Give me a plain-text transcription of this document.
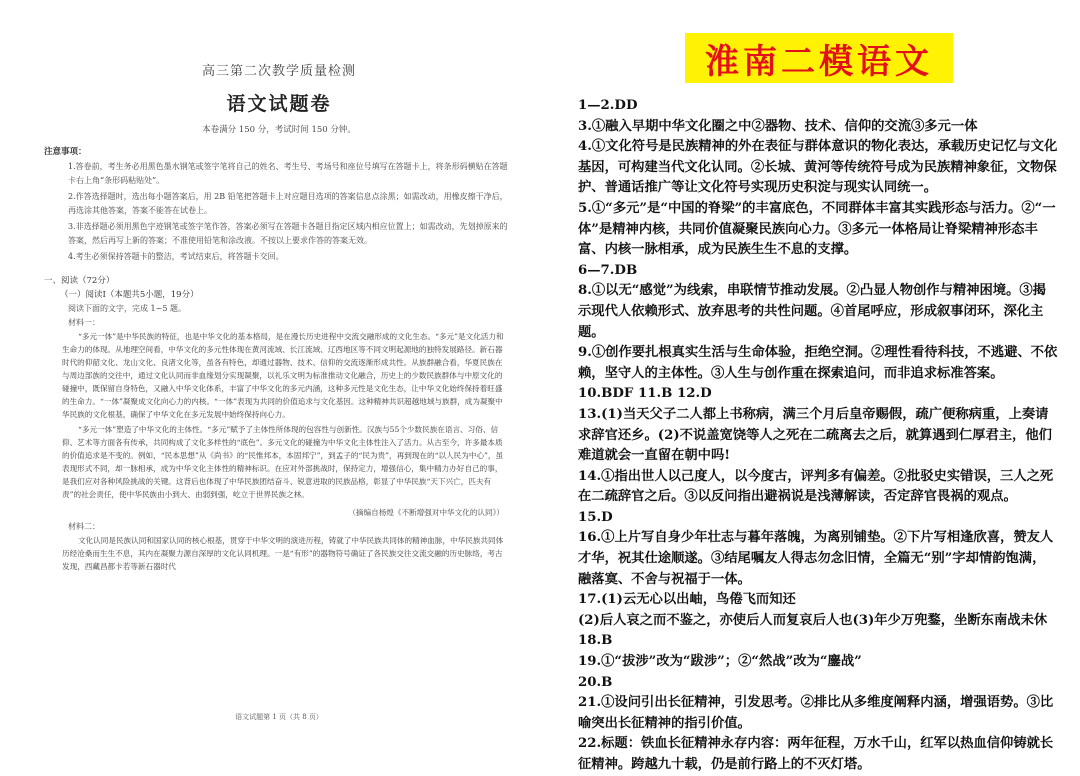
高三第二次教学质量检测
语文试题卷
本卷满分 150 分，考试时间 150 分钟。
注意事项：
1.答卷前，考生务必用黑色墨水钢笔或签字笔将自己的姓名、考生号、考场号和座位号填写在答题卡上，将条形码横贴在答题卡右上角“条形码粘贴处”。
2.作答选择题时，选出每小题答案后，用 2B 铅笔把答题卡上对应题目选项的答案信息点涂黑；如需改动，用橡皮擦干净后，再选涂其他答案，答案不能答在试卷上。
3.非选择题必须用黑色字迹钢笔或签字笔作答，答案必须写在答题卡各题目指定区域内相应位置上；如需改动，先划掉原来的答案，然后再写上新的答案；不准使用铅笔和涂改液。不按以上要求作答的答案无效。
4.考生必须保持答题卡的整洁，考试结束后，将答题卡交回。
一、阅读（72分）
（一）阅读Ⅰ（本题共5小题，19分）
阅读下面的文字，完成 1~5 题。
材料一：
“多元一体”是中华民族的特征，也是中华文化的基本格局，是在漫长历史进程中交流交融形成的文化生态。“多元”是文化活力和生命力的体现。从地理空间看，中华文化的多元性体现在黄河流域、长江流域、辽西地区等不同文明起源地的独特发展路径。新石器时代的仰韶文化、龙山文化、良渚文化等，虽各有特色，却通过器物、技术、信仰的交流逐渐形成共性。从族群融合看，华夏民族在与周边部族的交往中，通过文化认同而非血缘划分实现凝聚，以礼乐文明为标准推动文化融合，历史上的少数民族群体与中原文化的碰撞中，既保留自身特色，又融入中华文化体系，丰富了中华文化的多元内涵，这种多元性是文化生态，让中华文化始终保持着旺盛的生命力。“一体”凝聚成文化向心力的内核。“一体”表现为共同的价值追求与文化基因。这种精神共识超越地域与族群，成为凝聚中华民族的文化根基，确保了中华文化在多元发展中始终保持向心力。
“多元一体”塑造了中华文化的主体性。“多元”赋予了主体性所体现的包容性与创新性。汉族与55个少数民族在语言、习俗、信仰、艺术等方面各有传承，共同构成了文化多样性的“底色”。多元文化的碰撞为中华文化主体性注入了活力。从古至今，许多最本质的价值追求是不变的。例如，“民本思想”从《尚书》的“民惟邦本，本固邦宁”，到孟子的“民为贵”，再到现在的“以人民为中心”，虽表现形式不同，却一脉相承，成为中华文化主体性的精神标识。在应对外部挑战时，保持定力，增强信心，集中精力办好自己的事，是我们应对各种风险挑战的关键。这背后也体现了中华民族团结奋斗、锐意进取的民族品格，彰显了中华民族“天下兴亡，匹夫有责”的社会责任，使中华民族由小到大、由弱到强，屹立于世界民族之林。
（摘编自杨煌《不断增强对中华文化的认同》）
材料二：
文化认同是民族认同和国家认同的核心根基，贯穿于中华文明的演进历程，铸就了中华民族共同体的精神血脉，中华民族共同体历经沧桑而生生不息，其内在凝聚力源自深厚的文化认同机理。一是“有形”的器物符号确证了各民族交往交流交融的历史脉络，考古发现，西藏昌都卡若等新石器时代
语文试题第 1 页（共 8 页）
淮南二模语文

1—2.DD

3.①融入早期中华文化圈之中②器物、技术、信仰的交流③多元一体

4.①文化符号是民族精神的外在表征与群体意识的物化表达，承载历史记忆与文化基因，可构建当代文化认同。②长城、黄河等传统符号成为民族精神象征，文物保护、普通话推广等让文化符号实现历史积淀与现实认同统一。

5.①“多元”是“中国的脊梁”的丰富底色，不同群体丰富其实践形态与活力。②“一体”是精神内核，共同价值凝聚民族向心力。③多元一体格局让脊梁精神形态丰富、内核一脉相承，成为民族生生不息的支撑。

6—7.DB

8.①以无“感觉”为线索，串联情节推动发展。②凸显人物创作与精神困境。③揭示现代人依赖形式、放弃思考的共性问题。④首尾呼应，形成叙事闭环，深化主题。

9.①创作要扎根真实生活与生命体验，拒绝空洞。②理性看待科技，不逃避、不依赖，坚守人的主体性。③人生与创作重在探索追问，而非追求标准答案。

10.BDF 11.B 12.D

13.(1)当天父子二人都上书称病，满三个月后皇帝赐假，疏广便称病重，上奏请求辞官还乡。(2)不说盖宽饶等人之死在二疏离去之后，就算遇到仁厚君主，他们难道就会一直留在朝中吗!

14.①指出世人以己度人，以今度古，评判多有偏差。②批驳史实错误，三人之死在二疏辞官之后。③以反问指出避祸说是浅薄解读，否定辞官畏祸的观点。

15.D

16.①上片写自身少年壮志与暮年落魄，为离别铺垫。②下片写相逢欣喜，赞友人才华，祝其仕途顺遂。③结尾嘱友人得志勿念旧情，全篇无“别”字却情韵饱满，融落寞、不舍与祝福于一体。

17.(1)云无心以出岫，鸟倦飞而知还

(2)后人哀之而不鉴之，亦使后人而复哀后人也(3)年少万兜鍪，坐断东南战未休

18.B

19.①“拔涉”改为“跋涉”；②“然战”改为“鏖战”

20.B

21.①设问引出长征精神，引发思考。②排比从多维度阐释内涵，增强语势。③比喻突出长征精神的指引价值。

22.标题：铁血长征精神永存内容：两年征程，万水千山，红军以热血信仰铸就长征精神。跨越九十载，仍是前行路上的不灭灯塔。
